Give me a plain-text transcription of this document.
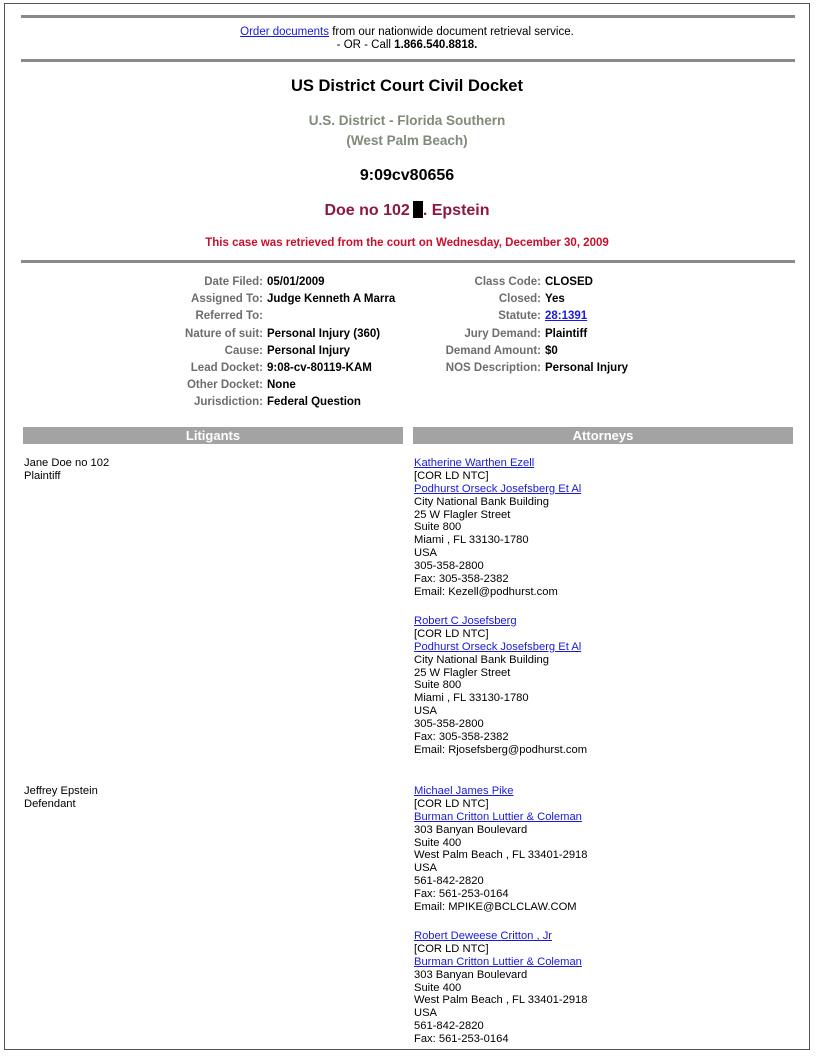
Order documents from our nationwide document retrieval service.
- OR - Call 1.866.540.8818.
US District Court Civil Docket
U.S. District - Florida Southern
(West Palm Beach)
9:09cv80656
Doe no 102 . Epstein
This case was retrieved from the court on Wednesday, December 30, 2009
Date Filed: 05/01/2009
Assigned To: Judge Kenneth A Marra
Referred To:
Nature of suit: Personal Injury (360)
Cause: Personal Injury
Lead Docket: 9:08-cv-80119-KAM
Other Docket: None
Jurisdiction: Federal Question
Class Code: CLOSED
Closed: Yes
Statute: 28:1391
Jury Demand: Plaintiff
Demand Amount: $0
NOS Description: Personal Injury
Litigants	Attorneys
Jane Doe no 102
Plaintiff
Katherine Warthen Ezell
[COR LD NTC]
Podhurst Orseck Josefsberg Et Al
City National Bank Building
25 W Flagler Street
Suite 800
Miami , FL 33130-1780
USA
305-358-2800
Fax: 305-358-2382
Email: Kezell@podhurst.com
Robert C Josefsberg
[COR LD NTC]
Podhurst Orseck Josefsberg Et Al
City National Bank Building
25 W Flagler Street
Suite 800
Miami , FL 33130-1780
USA
305-358-2800
Fax: 305-358-2382
Email: Rjosefsberg@podhurst.com
Jeffrey Epstein
Defendant
Michael James Pike
[COR LD NTC]
Burman Critton Luttier & Coleman
303 Banyan Boulevard
Suite 400
West Palm Beach , FL 33401-2918
USA
561-842-2820
Fax: 561-253-0164
Email: MPIKE@BCLCLAW.COM
Robert Deweese Critton , Jr
[COR LD NTC]
Burman Critton Luttier & Coleman
303 Banyan Boulevard
Suite 400
West Palm Beach , FL 33401-2918
USA
561-842-2820
Fax: 561-253-0164
